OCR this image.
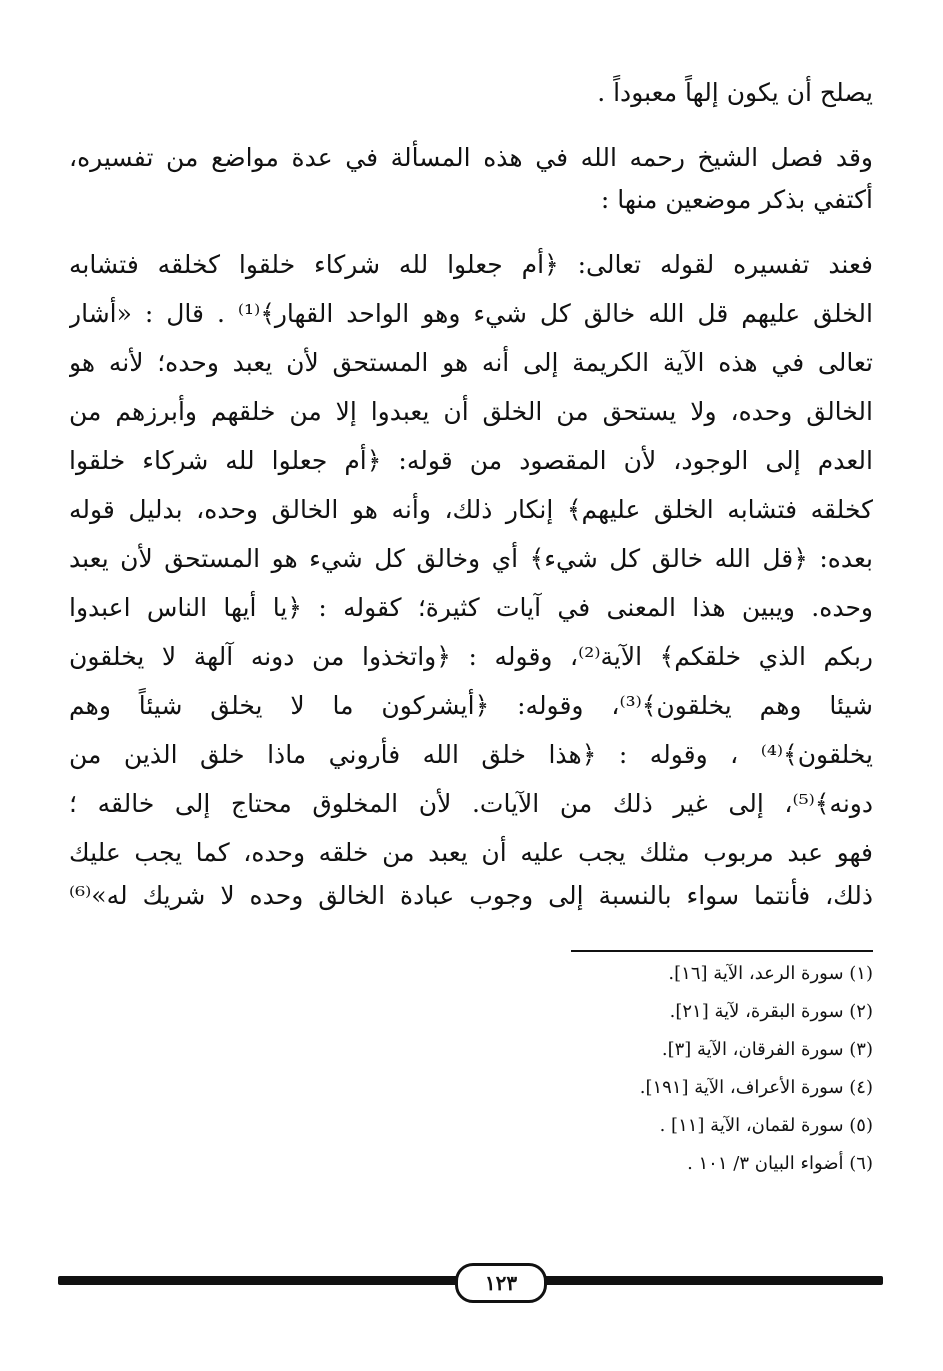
يصلح أن يكون إلهاً معبوداً .
وقد فصل الشيخ رحمه الله في هذه المسألة في عدة مواضع من تفسيره،
أكتفي بذكر موضعين منها :
فعند تفسيره لقوله تعالى: ﴿أم جعلوا لله شركاء خلقوا كخلقه فتشابه
الخلق عليهم قل الله خالق كل شيء وهو الواحد القهار﴾⁽¹⁾ . قال : «أشار
تعالى في هذه الآية الكريمة إلى أنه هو المستحق لأن يعبد وحده؛ لأنه هو
الخالق وحده، ولا يستحق من الخلق أن يعبدوا إلا من خلقهم وأبرزهم من
العدم إلى الوجود، لأن المقصود من قوله: ﴿أم جعلوا لله شركاء خلقوا
كخلقه فتشابه الخلق عليهم﴾ إنكار ذلك، وأنه هو الخالق وحده، بدليل قوله
بعده: ﴿قل الله خالق كل شيء﴾ أي وخالق كل شيء هو المستحق لأن يعبد
وحده. ويبين هذا المعنى في آيات كثيرة؛ كقوله : ﴿يا أيها الناس اعبدوا
ربكم الذي خلقكم﴾ الآية⁽²⁾، وقوله : ﴿واتخذوا من دونه آلهة لا يخلقون
شيئا وهم يخلقون﴾⁽³⁾، وقوله: ﴿أيشركون ما لا يخلق شيئاً وهم
يخلقون﴾⁽⁴⁾ ، وقوله : ﴿هذا خلق الله فأروني ماذا خلق الذين من
دونه﴾⁽⁵⁾، إلى غير ذلك من الآيات. لأن المخلوق محتاج إلى خالقه ؛
فهو عبد مربوب مثلك يجب عليه أن يعبد من خلقه وحده، كما يجب عليك
ذلك، فأنتما سواء بالنسبة إلى وجوب عبادة الخالق وحده لا شريك له»⁽⁶⁾
(١) سورة الرعد، الآية [١٦].
(٢) سورة البقرة، لآية [٢١].
(٣) سورة الفرقان، الآية [٣].
(٤) سورة الأعراف، الآية [١٩١].
(٥) سورة لقمان، الآية [١١] .
(٦) أضواء البيان ٣/ ١٠١ .
١٢٣
